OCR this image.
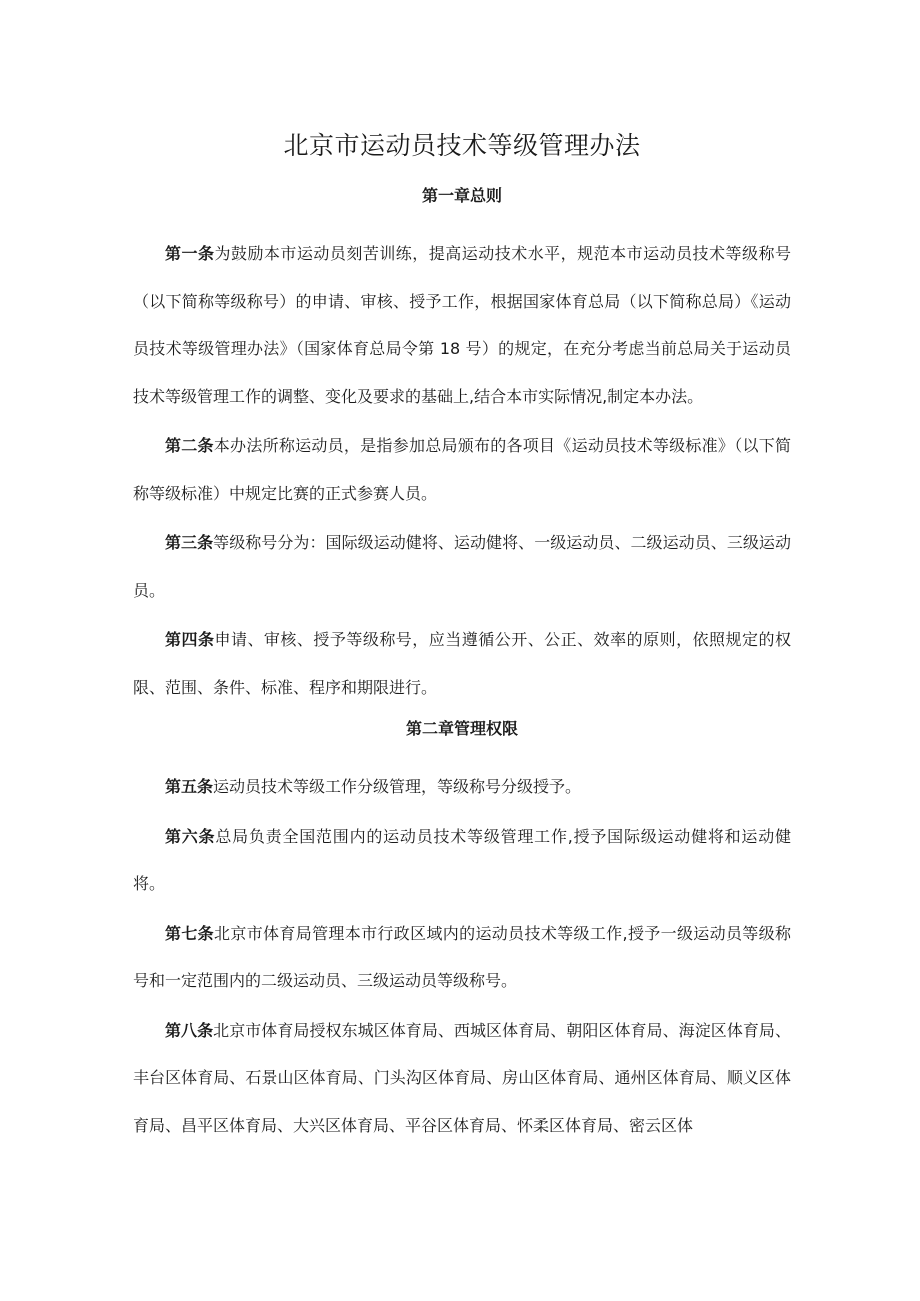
北京市运动员技术等级管理办法
第一章总则

第一条为鼓励本市运动员刻苦训练，提高运动技术水平，规范本市运动员技术等级称号（以下简称等级称号）的申请、审核、授予工作，根据国家体育总局（以下简称总局）《运动员技术等级管理办法》（国家体育总局令第 18 号）的规定，在充分考虑当前总局关于运动员技术等级管理工作的调整、变化及要求的基础上,结合本市实际情况,制定本办法。

第二条本办法所称运动员，是指参加总局颁布的各项目《运动员技术等级标准》（以下简称等级标准）中规定比赛的正式参赛人员。

第三条等级称号分为：国际级运动健将、运动健将、一级运动员、二级运动员、三级运动员。

第四条申请、审核、授予等级称号，应当遵循公开、公正、效率的原则，依照规定的权限、范围、条件、标准、程序和期限进行。

第二章管理权限

第五条运动员技术等级工作分级管理，等级称号分级授予。

第六条总局负责全国范围内的运动员技术等级管理工作,授予国际级运动健将和运动健将。

第七条北京市体育局管理本市行政区域内的运动员技术等级工作,授予一级运动员等级称号和一定范围内的二级运动员、三级运动员等级称号。

第八条北京市体育局授权东城区体育局、西城区体育局、朝阳区体育局、海淀区体育局、丰台区体育局、石景山区体育局、门头沟区体育局、房山区体育局、通州区体育局、顺义区体育局、昌平区体育局、大兴区体育局、平谷区体育局、怀柔区体育局、密云区体
